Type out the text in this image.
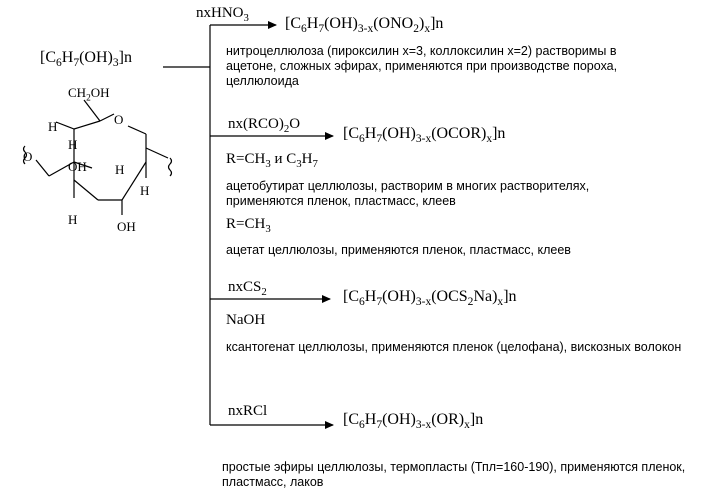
$[C_6H_7(OH)_3]n$
$CH_2OH$
O
H
H
O
H
OH H
H	OH
nxHNO$_3$ $[C_6H_7(OH)_{3-x}(ONO_2)_x]n$
нитроцеллюлоза (пироксилин x=3, коллоксилин x=2) растворимы в ацетоне, сложных эфирах, применяются при производстве пороха, целлюлоида
$nx(RCO)_2O$
$[C_6H_7(OH)_{3-x}(OCOR)_x]n$
$R=CH_3$ и $C_3H_7$
ацетобутират целлюлозы, растворим в многих растворителях, применяются пленок, пластмасс, клеев
$R=CH_3$
ацетат целлюлозы, применяются пленок, пластмасс, клеев
nxCS$_2$	$[C_6H_7(OH)_{3-x}(OCS_2Na)_x]n$
NaOH
ксантогенат целлюлозы, применяются пленок (целофана), вискозных волокон
nxRCl	$[C_6H_7(OH)_{3-x}(OR)_x]n$
простые эфиры целлюлозы, термопласты (Тпл=160-190), применяются пленок, пластмасс, лаков
